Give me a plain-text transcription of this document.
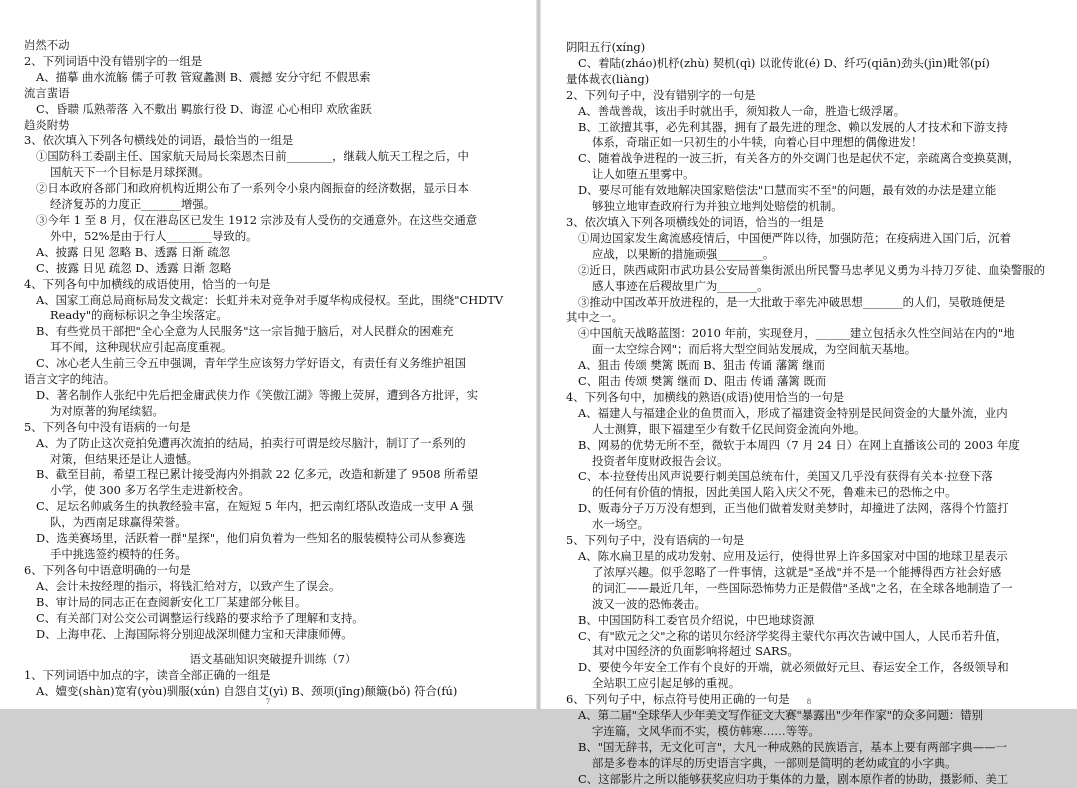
岿然不动
2、下列词语中没有错别字的一组是
A、描摹 曲水流觞 儒子可教 管窥蠡测 B、震撼 安分守纪 不假思索
流言蜚语
C、昏聩 瓜熟蒂落 入不敷出 羁旅行役 D、诲涩 心心相印 欢欣雀跃
趋炎附势
3、依次填入下列各句横线处的词语，最恰当的一组是
①国防科工委副主任、国家航天局局长栾恩杰日前________，继载人航天工程之后，中
国航天下一个目标是月球探测。
②日本政府各部门和政府机构近期公布了一系列令小泉内阁振奋的经济数据，显示日本
经济复苏的力度正_______增强。
③今年 1 至 8 月，仅在港岛区已发生 1912 宗涉及有人受伤的交通意外。在这些交通意
外中，52%是由于行人________导致的。
A、披露 日见 忽略 B、透露 日渐 疏忽
C、披露 日见 疏忽 D、透露 日渐 忽略
4、下列各句中加横线的成语使用，恰当的一句是
A、国家工商总局商标局发文裁定：长虹并未对竞争对手厦华构成侵权。至此，围绕"CHDTV
Ready"的商标标识之争尘埃落定。
B、有些党员干部把"全心全意为人民服务"这一宗旨抛于脑后，对人民群众的困难充
耳不闻，这种现状应引起高度重视。
C、冰心老人生前三令五申强调，青年学生应该努力学好语文，有责任有义务维护祖国
语言文字的纯洁。
D、著名制作人张纪中先后把金庸武侠力作《笑傲江湖》等搬上荧屏，遭到各方批评，实
为对原著的狗尾续貂。
5、下列各句中没有语病的一句是
A、为了防止这次竞拍免遭再次流拍的结局，拍卖行可谓是绞尽脑汁，制订了一系列的
对策，但结果还是让人遗憾。
B、截至目前，希望工程已累计接受海内外捐款 22 亿多元，改造和新建了 9508 所希望
小学，使 300 多万名学生走进新校舍。
C、足坛名帅戚务生的执教经验丰富，在短短 5 年内，把云南红塔队改造成一支甲 A 强
队，为西南足球赢得荣誉。
D、选美赛场里，活跃着一群"星探"，他们肩负着为一些知名的服装模特公司从参赛选
手中挑选签约模特的任务。
6、下列各句中语意明确的一句是
A、会计未按经理的指示，将钱汇给对方，以致产生了误会。
B、审计局的同志正在查阅新安化工厂某建部分帐目。
C、有关部门对公交公司调整运行线路的要求给予了理解和支持。
D、上海申花、上海国际将分别迎战深圳健力宝和天津康师傅。
语文基础知识突破提升训练（7）
1、下列词语中加点的字，读音全部正确的一组是
A、嬗变(shàn)宽宥(yòu)驯服(xún) 自怨自艾(yì) B、颈项(jǐng)颠簸(bǒ) 符合(fú)
7
阴阳五行(xíng)
C、着陆(zháo)机杼(zhù) 契机(qì) 以讹传讹(é) D、纤巧(qiān)劲头(jìn)毗邻(pí)
量体裁衣(liàng)
2、下列句子中，没有错别字的一句是
A、善哉善哉，该出手时就出手，须知救人一命，胜造七级浮屠。
B、工欲擅其事，必先利其器，拥有了最先进的理念、赖以发展的人才技术和下游支持
体系，奇瑞正如一只初生的小牛犊，向着心目中理想的偶像进发！
C、随着战争进程的一波三折，有关各方的外交调门也是起伏不定，亲疏离合变换莫测，
让人如堕五里雾中。
D、要尽可能有效地解决国家赔偿法"口慧而实不至"的问题，最有效的办法是建立能
够独立地审查政府行为并独立地判处赔偿的机制。
3、依次填入下列各项横线处的词语，恰当的一组是
①周边国家发生禽流感疫情后，中国便严阵以待，加强防范；在疫病进入国门后，沉着
应战，以果断的措施顽强________。
②近日，陕西咸阳市武功县公安局普集街派出所民警马忠孝见义勇为斗持刀歹徒、血染警服的
感人事迹在后稷故里广为_______。
③推动中国改革开放进程的，是一大批敢于率先冲破思想_______的人们，吴敬琏便是
其中之一。
④中国航天战略蓝图：2010 年前，实现登月，______建立包括永久性空间站在内的"地
面一太空综合网"；而后将大型空间站发展成，为空间航天基地。
A、狙击 传颂 樊篱 既而 B、狙击 传诵 藩篱 继而
C、阻击 传颂 樊篱 继而 D、阻击 传诵 藩篱 既而
4、下列各句中，加横线的熟语(成语)使用恰当的一句是
A、福建人与福建企业的鱼贯而入，形成了福建资金特别是民间资金的大量外流，业内
人士测算，眼下福建至少有数千亿民间资金流向外地。
B、网易的优势无所不至，微软于本周四（7 月 24 日）在网上直播该公司的 2003 年度
投资者年度财政报告会议。
C、本·拉登传出风声说要行刺美国总统布什，美国又几乎没有获得有关本·拉登下落
的任何有价值的情报，因此美国人陷入庆父不死，鲁难未已的恐怖之中。
D、贩毒分子万万没有想到，正当他们做着发财美梦时，却撞进了法网，落得个竹篮打
水一场空。
5、下列句子中，没有语病的一句是
A、陈水扁卫星的成功发射、应用及运行，使得世界上许多国家对中国的地球卫星表示
了浓厚兴趣。似乎忽略了一件事情，这就是"圣战"并不是一个能搏得西方社会好感
的词汇——最近几年，一些国际恐怖势力正是假借"圣战"之名，在全球各地制造了一
波又一波的恐怖袭击。
B、中国国防科工委官员介绍说，中巴地球资源
C、有"欧元之父"之称的诺贝尔经济学奖得主蒙代尔再次告诫中国人，人民币若升值，
其对中国经济的负面影响将超过 SARS。
D、要使今年安全工作有个良好的开端，就必须做好元旦、春运安全工作，各级领导和
全站职工应引起足够的重视。
6、下列句子中，标点符号使用正确的一句是
A、第二届"全球华人少年美文写作征文大赛"暴露出"少年作家"的众多问题：错别
字连篇，文风华而不实，模仿韩寒……等等。
B、"国无辞书，无文化可言"，大凡一种成熟的民族语言，基本上要有两部字典——一
部是多卷本的详尽的历史语言字典，一部则是简明的老幼咸宜的小字典。
C、这部影片之所以能够获奖应归功于集体的力量，剧本原作者的协助，摄影师、美工
8
